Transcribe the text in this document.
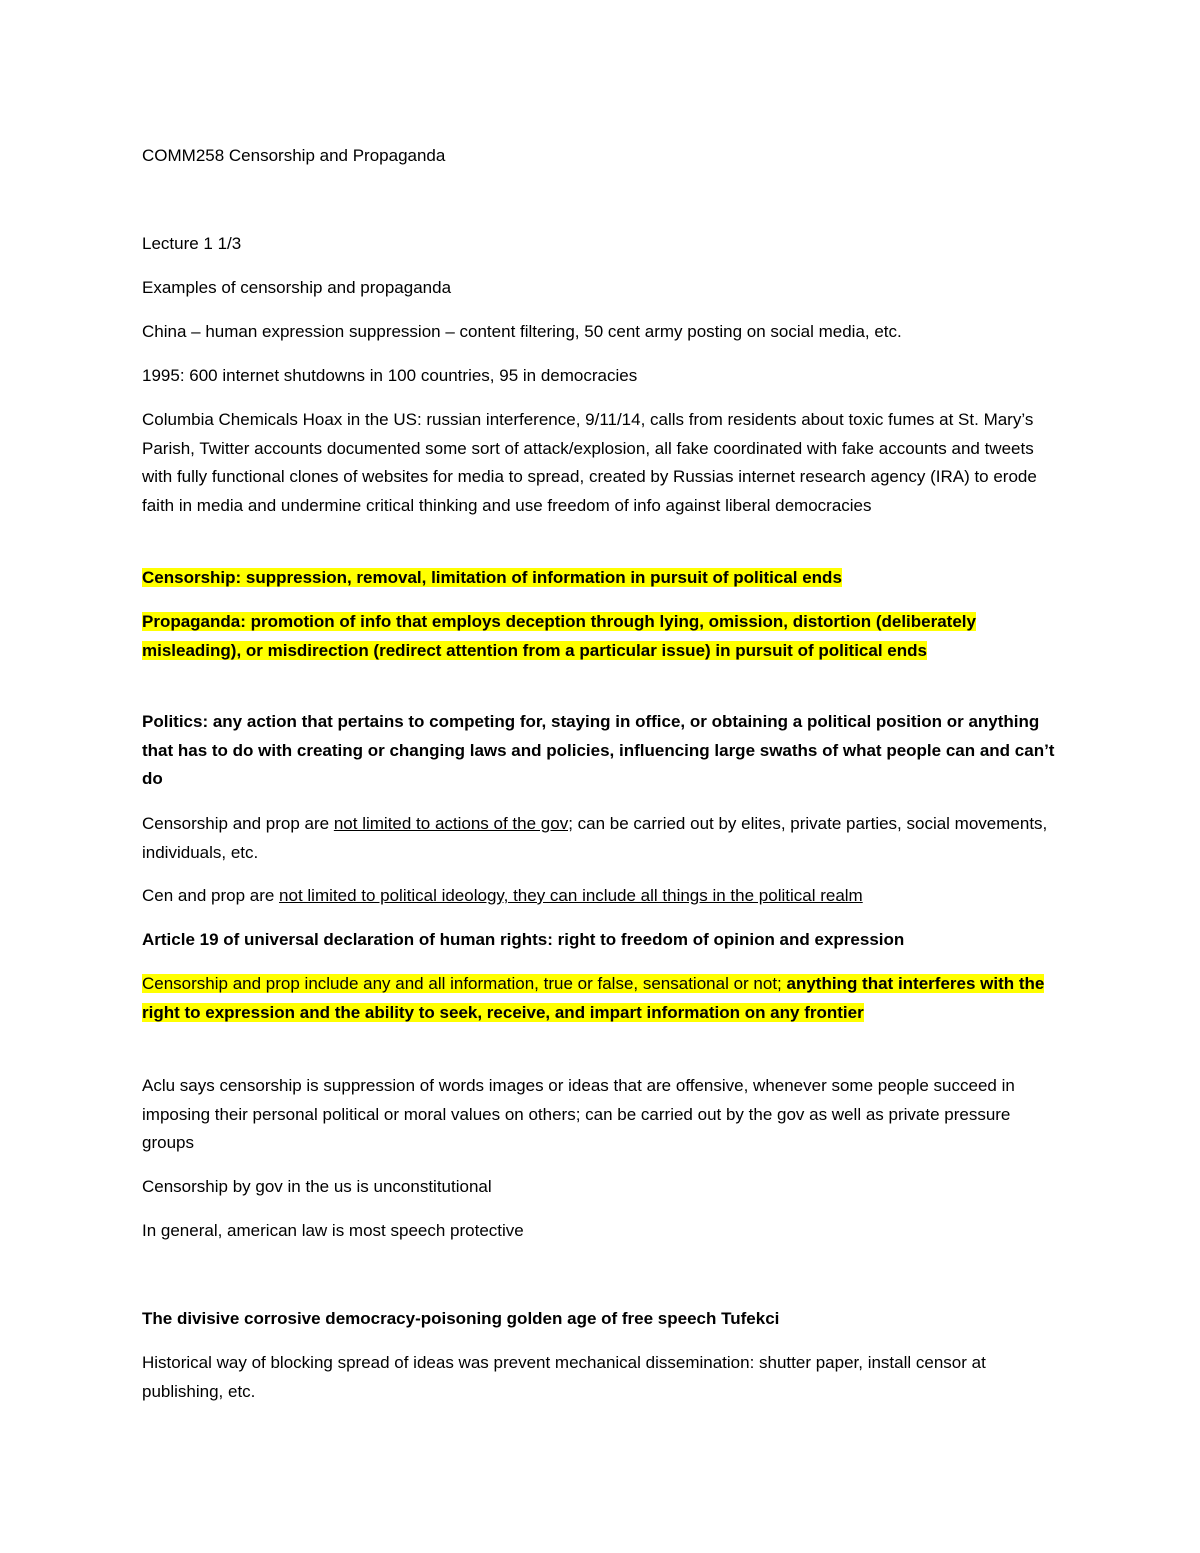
COMM258 Censorship and Propaganda

Lecture 1 1/3

Examples of censorship and propaganda

China – human expression suppression – content filtering, 50 cent army posting on social media, etc.

1995: 600 internet shutdowns in 100 countries, 95 in democracies

Columbia Chemicals Hoax in the US: russian interference, 9/11/14, calls from residents about toxic fumes at St. Mary’s Parish, Twitter accounts documented some sort of attack/explosion, all fake coordinated with fake accounts and tweets with fully functional clones of websites for media to spread, created by Russias internet research agency (IRA) to erode faith in media and undermine critical thinking and use freedom of info against liberal democracies

Censorship: suppression, removal, limitation of information in pursuit of political ends

Propaganda: promotion of info that employs deception through lying, omission, distortion (deliberately misleading), or misdirection (redirect attention from a particular issue) in pursuit of political ends

Politics: any action that pertains to competing for, staying in office, or obtaining a political position or anything that has to do with creating or changing laws and policies, influencing large swaths of what people can and can’t do

Censorship and prop are not limited to actions of the gov; can be carried out by elites, private parties, social movements, individuals, etc.

Cen and prop are not limited to political ideology, they can include all things in the political realm

Article 19 of universal declaration of human rights: right to freedom of opinion and expression

Censorship and prop include any and all information, true or false, sensational or not; anything that interferes with the right to expression and the ability to seek, receive, and impart information on any frontier

Aclu says censorship is suppression of words images or ideas that are offensive, whenever some people succeed in imposing their personal political or moral values on others; can be carried out by the gov as well as private pressure groups

Censorship by gov in the us is unconstitutional

In general, american law is most speech protective

The divisive corrosive democracy-poisoning golden age of free speech Tufekci

Historical way of blocking spread of ideas was prevent mechanical dissemination: shutter paper, install censor at publishing, etc.
